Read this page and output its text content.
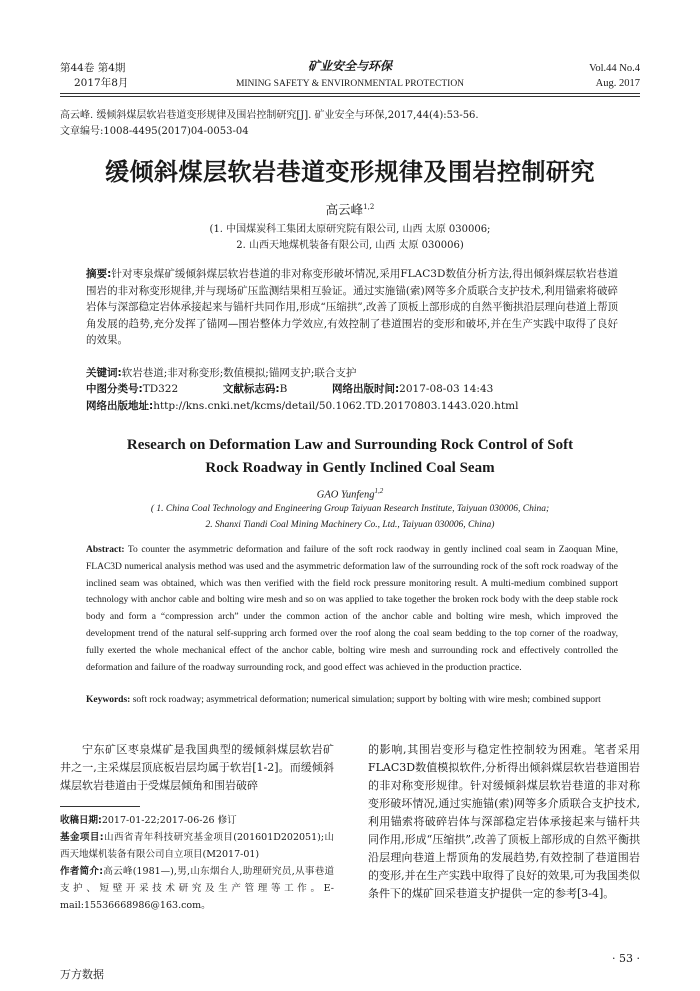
第44卷 第4期
2017年8月
矿业安全与环保
MINING SAFETY & ENVIRONMENTAL PROTECTION
Vol.44 No.4
Aug. 2017
高云峰. 缓倾斜煤层软岩巷道变形规律及围岩控制研究[J]. 矿业安全与环保,2017,44(4):53-56.
文章编号:1008-4495(2017)04-0053-04
缓倾斜煤层软岩巷道变形规律及围岩控制研究
高云峰$^{1,2}$
(1. 中国煤炭科工集团太原研究院有限公司, 山西 太原 030006;
2. 山西天地煤机装备有限公司, 山西 太原 030006)
摘要:针对枣泉煤矿缓倾斜煤层软岩巷道的非对称变形破坏情况,采用FLAC3D数值分析方法,得出倾斜煤层软岩巷道围岩的非对称变形规律,并与现场矿压监测结果相互验证。通过实施锚(索)网等多介质联合支护技术,利用锚索将破碎岩体与深部稳定岩体承接起来与锚杆共同作用,形成“压缩拱”,改善了顶板上部形成的自然平衡拱沿层理向巷道上帮顶角发展的趋势,充分发挥了锚网—围岩整体力学效应,有效控制了巷道围岩的变形和破坏,并在生产实践中取得了良好的效果。
关键词:软岩巷道;非对称变形;数值模拟;锚网支护;联合支护
中图分类号:TD322	文献标志码:B	网络出版时间:2017-08-03 14:43
网络出版地址:http://kns.cnki.net/kcms/detail/50.1062.TD.20170803.1443.020.html
Research on Deformation Law and Surrounding Rock Control of Soft
Rock Roadway in Gently Inclined Coal Seam
GAO Yunfeng$^{1,2}$
( 1. China Coal Technology and Engineering Group Taiyuan Research Institute, Taiyuan 030006, China;
2. Shanxi Tiandi Coal Mining Machinery Co., Ltd., Taiyuan 030006, China)
Abstract: To counter the asymmetric deformation and failure of the soft rock raodway in gently inclined coal seam in Zaoquan Mine, FLAC3D numerical analysis method was used and the asymmetric deformation law of the surrounding rock of the soft rock roadway of the inclined seam was obtained, which was then verified with the field rock pressure monitoring result. A multi-medium combined support technology with anchor cable and bolting wire mesh and so on was applied to take together the broken rock body with the deep stable rock body and form a “compression arch” under the common action of the anchor cable and bolting wire mesh, which improved the development trend of the natural self-suppring arch formed over the roof along the coal seam bedding to the top corner of the roadway, fully exerted the whole mechanical effect of the anchor cable, bolting wire mesh and surrounding rock and effectively controlled the deformation and failure of the roadway surrounding rock, and good effect was achieved in the production practice.
Keywords: soft rock roadway; asymmetrical deformation; numerical simulation; support by bolting with wire mesh; combined support
宁东矿区枣泉煤矿是我国典型的缓倾斜煤层软岩矿井之一,主采煤层顶底板岩层均属于软岩[1-2]。而缓倾斜煤层软岩巷道由于受煤层倾角和围岩破碎
收稿日期:2017-01-22;2017-06-26 修订
基金项目:山西省青年科技研究基金项目(201601D202051);山西天地煤机装备有限公司自立项目(M2017-01)
作者简介:高云峰(1981—),男,山东烟台人,助理研究员,从事巷道支护、短壁开采技术研究及生产管理等工作。E-mail:15536668986@163.com。
的影响,其围岩变形与稳定性控制较为困难。笔者采用FLAC3D数值模拟软件,分析得出倾斜煤层软岩巷道围岩的非对称变形规律。针对缓倾斜煤层软岩巷道的非对称变形破坏情况,通过实施锚(索)网等多介质联合支护技术,利用锚索将破碎岩体与深部稳定岩体承接起来与锚杆共同作用,形成“压缩拱”,改善了顶板上部形成的自然平衡拱沿层理向巷道上帮顶角的发展趋势,有效控制了巷道围岩的变形,并在生产实践中取得了良好的效果,可为我国类似条件下的煤矿回采巷道支护提供一定的参考[3-4]。
· 53 ·
万方数据
